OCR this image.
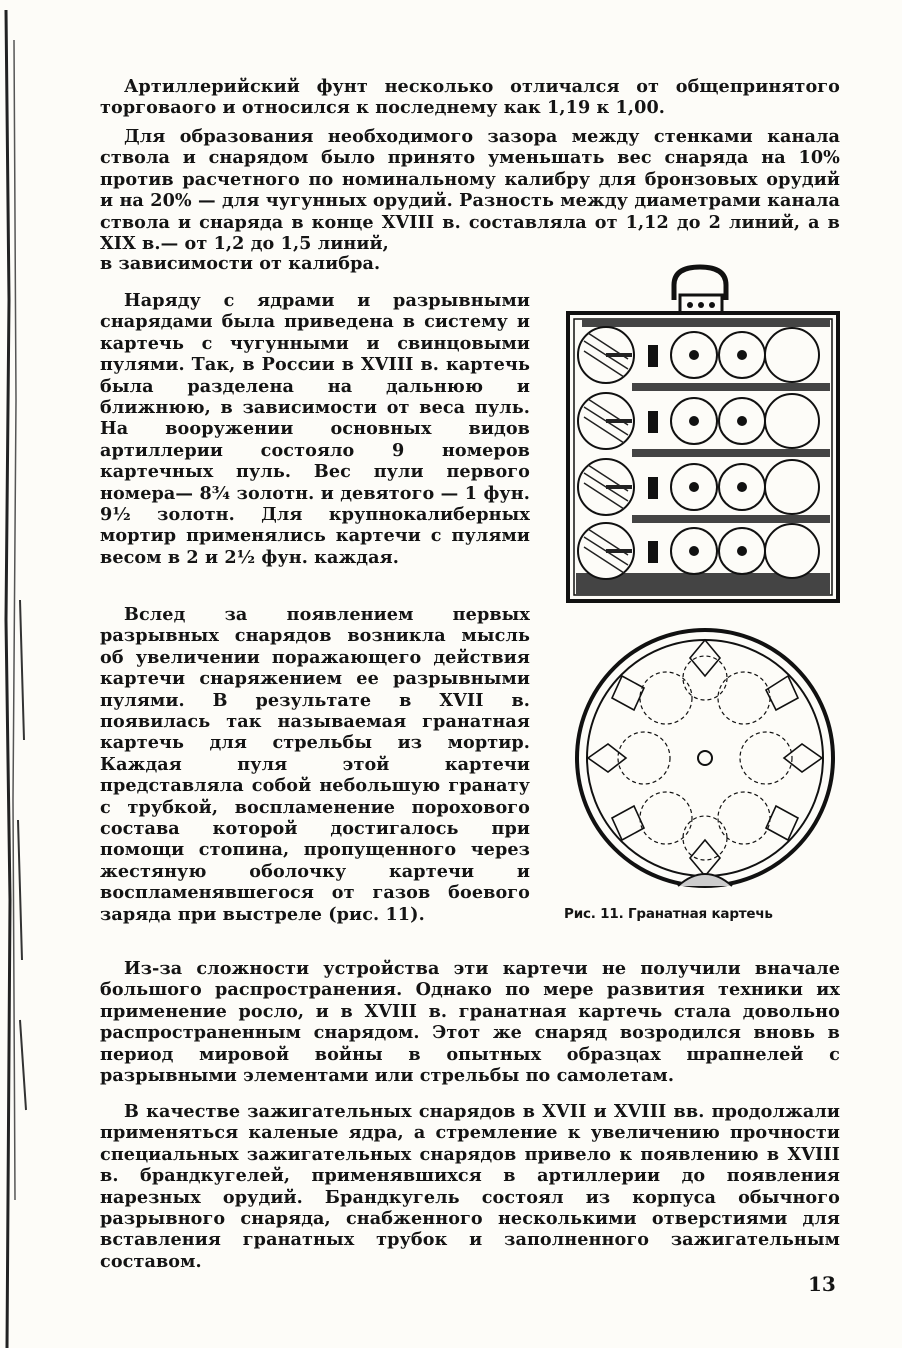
Артиллерийский фунт несколько отличался от общепринятого торговаого и относился к последнему как 1,19 к 1,00.

Для образования необходимого зазора между стенками канала ствола и снарядом было принято уменьшать вес снаряда на 10% против расчетного по номинальному калибру для бронзовых орудий и на 20% — для чугунных орудий. Разность между диаметрами канала ствола и снаряда в конце XVIII в. составляла от 1,12 до 2 линий, а в XIX в.— от 1,2 до 1,5 линий,

в зависимости от калибра.

Наряду с ядрами и разрывными снарядами была приведена в систему и картечь с чугунными и свинцовыми пулями. Так, в России в XVIII в. картечь была разделена на дальнюю и ближнюю, в зависимости от веса пуль. На вооружении основных видов артиллерии состояло 9 номеров картечных пуль. Вес пули первого номера— 8¾ золотн. и девятого — 1 фун. 9½ золотн. Для крупнокалиберных мортир применялись картечи с пулями весом в 2 и 2½ фун. каждая.

Вслед за появлением первых разрывных снарядов возникла мысль об увеличении поражающего действия картечи снаряжением ее разрывными пулями. В результате в XVII в. появилась так называемая гранатная картечь для стрельбы из мортир. Каждая пуля этой картечи представляла собой небольшую гранату с трубкой, воспламенение порохового состава которой достигалось при помощи стопина, пропущенного через жестяную оболочку картечи и воспламенявшегося от газов боевого заряда при выстреле (рис. 11).	Рис. 11. Гранатная картечь

Из-за сложности устройства эти картечи не получили вначале большого распространения. Однако по мере развития техники их применение росло, и в XVIII в. гранатная картечь стала довольно распространенным снарядом. Этот же снаряд возродился вновь в период мировой войны в опытных образцах шрапнелей с разрывными элементами или стрельбы по самолетам.

В качестве зажигательных снарядов в XVII и XVIII вв. продолжали применяться каленые ядра, а стремление к увеличению прочности специальных зажигательных снарядов привело к появлению в XVIII в. брандкугелей, применявшихся в артиллерии до появления нарезных орудий. Брандкугель состоял из корпуса обычного разрывного снаряда, снабженного несколькими отверстиями для вставления гранатных трубок и заполненного зажигательным составом.

13
